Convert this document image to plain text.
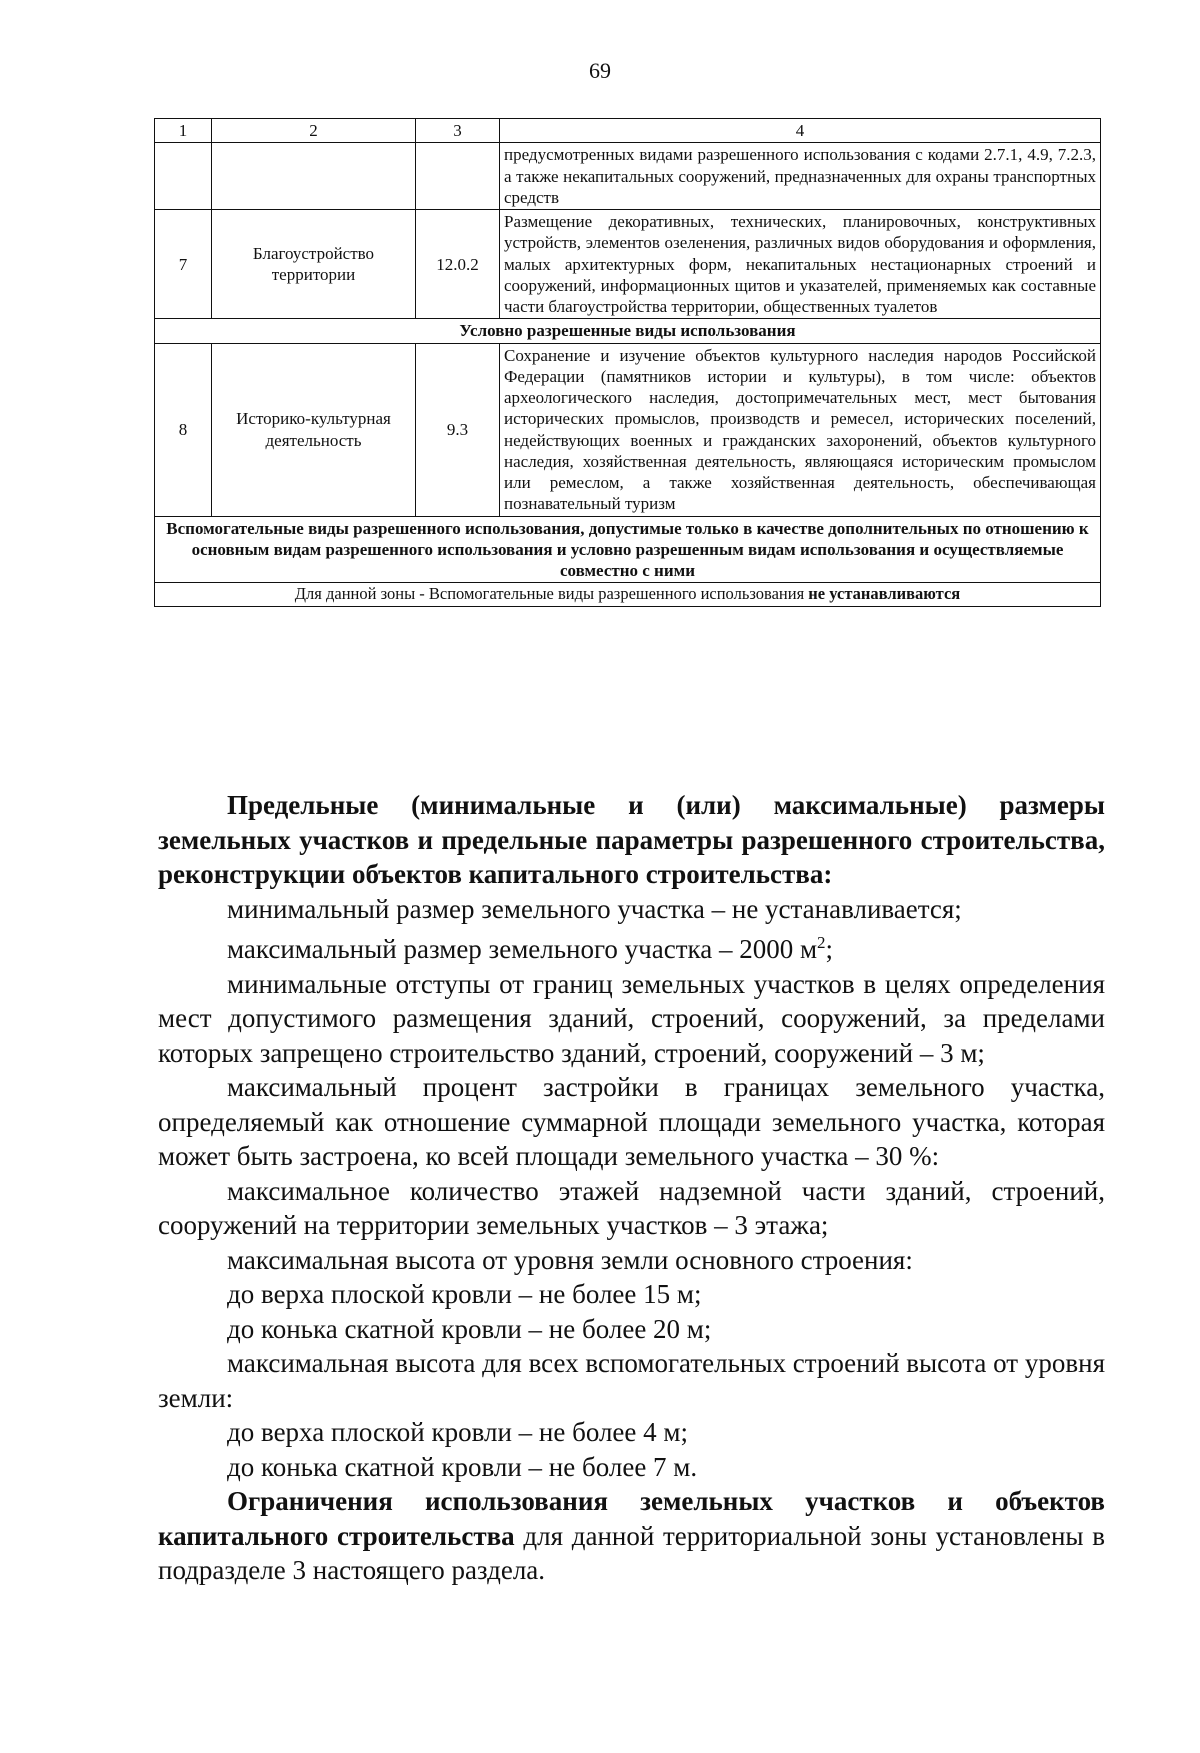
69
1	2	3	4
			предусмотренных видами разрешенного использования с кодами 2.7.1, 4.9, 7.2.3, а также некапитальных сооружений, предназначенных для охраны транспортных средств
7	Благоустройство территории	12.0.2	Размещение декоративных, технических, планировочных, конструктивных устройств, элементов озеленения, различных видов оборудования и оформления, малых архитектурных форм, некапитальных нестационарных строений и сооружений, информационных щитов и указателей, применяемых как составные части благоустройства территории, общественных туалетов
Условно разрешенные виды использования			
8	Историко-культурная деятельность	9.3	Сохранение и изучение объектов культурного наследия народов Российской Федерации (памятников истории и культуры), в том числе: объектов археологического наследия, достопримечательных мест, мест бытования исторических промыслов, производств и ремесел, исторических поселений, недействующих военных и гражданских захоронений, объектов культурного наследия, хозяйственная деятельность, являющаяся историческим промыслом или ремеслом, а также хозяйственная деятельность, обеспечивающая познавательный туризм
Вспомогательные виды разрешенного использования, допустимые только в качестве дополнительных по отношению к основным видам разрешенного использования и условно разрешенным видам использования и осуществляемые совместно с ними			
Для данной зоны - Вспомогательные виды разрешенного использования не устанавливаются			

Предельные (минимальные и (или) максимальные) размеры земельных участков и предельные параметры разрешенного строительства, реконструкции объектов капитального строительства:

минимальный размер земельного участка – не устанавливается;

максимальный размер земельного участка – 2000 $м^2$;

минимальные отступы от границ земельных участков в целях определения мест допустимого размещения зданий, строений, сооружений, за пределами которых запрещено строительство зданий, строений, сооружений – 3 м;

максимальный процент застройки в границах земельного участка, определяемый как отношение суммарной площади земельного участка, которая может быть застроена, ко всей площади земельного участка – 30 %:

максимальное количество этажей надземной части зданий, строений, сооружений на территории земельных участков – 3 этажа;

максимальная высота от уровня земли основного строения:

до верха плоской кровли – не более 15 м;

до конька скатной кровли – не более 20 м;

максимальная высота для всех вспомогательных строений высота от уровня земли:

до верха плоской кровли – не более 4 м;

до конька скатной кровли – не более 7 м.

Ограничения использования земельных участков и объектов капитального строительства для данной территориальной зоны установлены в подразделе 3 настоящего раздела.
